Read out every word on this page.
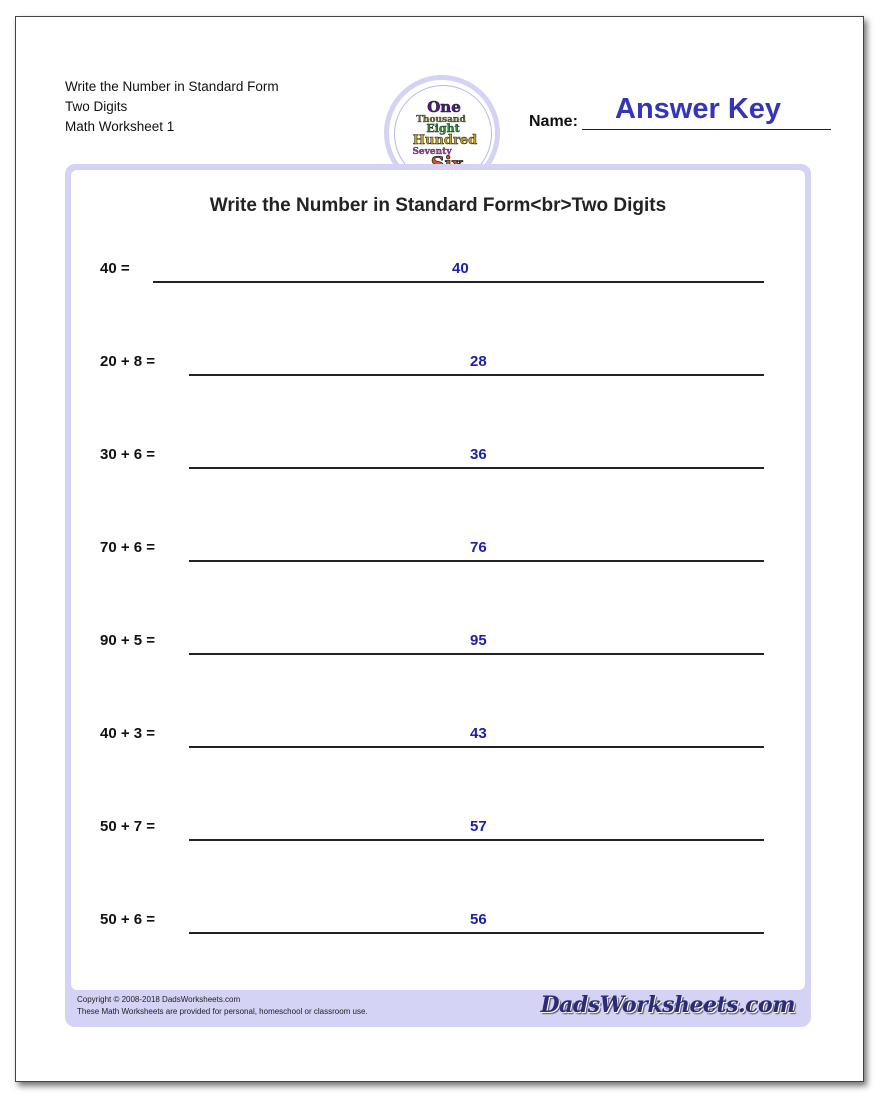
Write the Number in Standard Form
Two Digits
Math Worksheet 1
One
Thousand
Eight
Hundred
Seventy
Name: Answer Key
Write the Number in Standard Form<br>Two Digits
40 =	40
20 + 8 =	28
30 + 6 =	36
70 + 6 =	76
90 + 5 =	95
40 + 3 =	43
50 + 7 =	57
50 + 6 =	56
Copyright © 2008-2018 DadsWorksheets.com
These Math Worksheets are provided for personal, homeschool or classroom use.	DadsWorksheets.com
